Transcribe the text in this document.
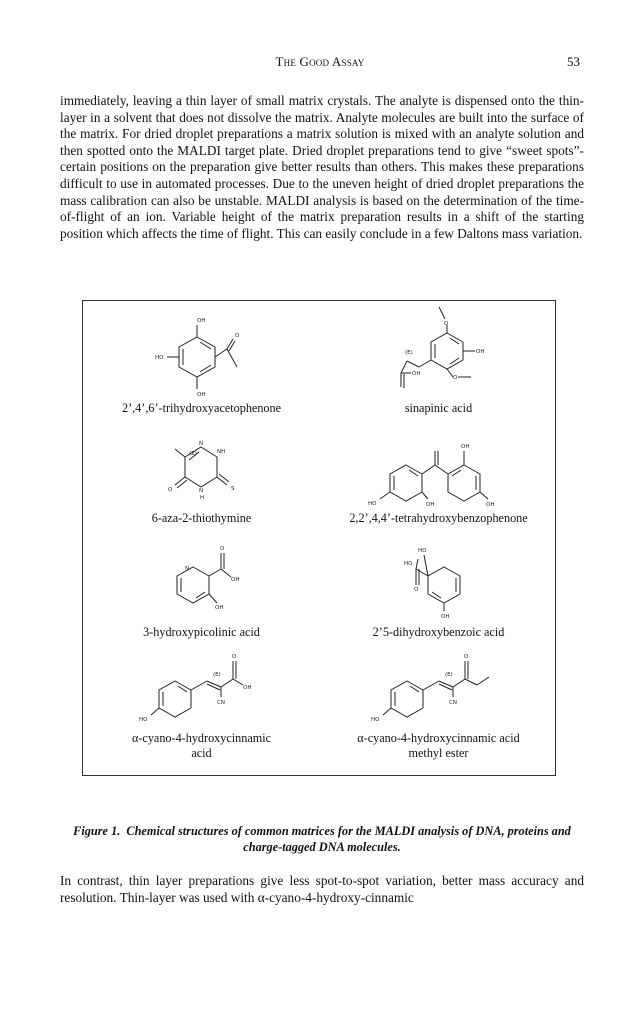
The Good Assay	53

immediately, leaving a thin layer of small matrix crystals. The analyte is dispensed onto the thin-layer in a solvent that does not dissolve the matrix. Analyte molecules are built into the surface of the matrix. For dried droplet preparations a matrix solution is mixed with an analyte solution and then spotted onto the MALDI target plate. Dried droplet preparations tend to give “sweet spots”- certain positions on the preparation give better results than others. This makes these preparations difficult to use in automated processes. Due to the uneven height of dried droplet preparations the mass calibration can also be unstable. MALDI analysis is based on the determination of the time-of-flight of an ion. Variable height of the matrix preparation results in a shift of the starting position which affects the time of flight. This can easily conclude in a few Daltons mass variation.

OH
HO
O
OH
2’,4’,6’-trihydroxyacetophenone
O
OH
(E)
OH
O
sinapinic acid
N
NH
(Z)
N
H
S
O
6-aza-2-thiothymine
OH
HO	OH	OH
2,2’,4,4’-tetrahydroxybenzophenone
O
N
OH
OH
3-hydroxypicolinic acid
HO
HO
O
OH
2’5-dihydroxybenzoic acid
O
(E)
OH
CN
HO
α-cyano-4-hydroxycinnamic
acid
O
(E)
CN
HO
α-cyano-4-hydroxycinnamic acid
methyl ester
Figure 1. Chemical structures of common matrices for the MALDI analysis of DNA, proteins and charge-tagged DNA molecules.

In contrast, thin layer preparations give less spot-to-spot variation, better mass accuracy and resolution. Thin-layer was used with α-cyano-4-hydroxy-cinnamic
